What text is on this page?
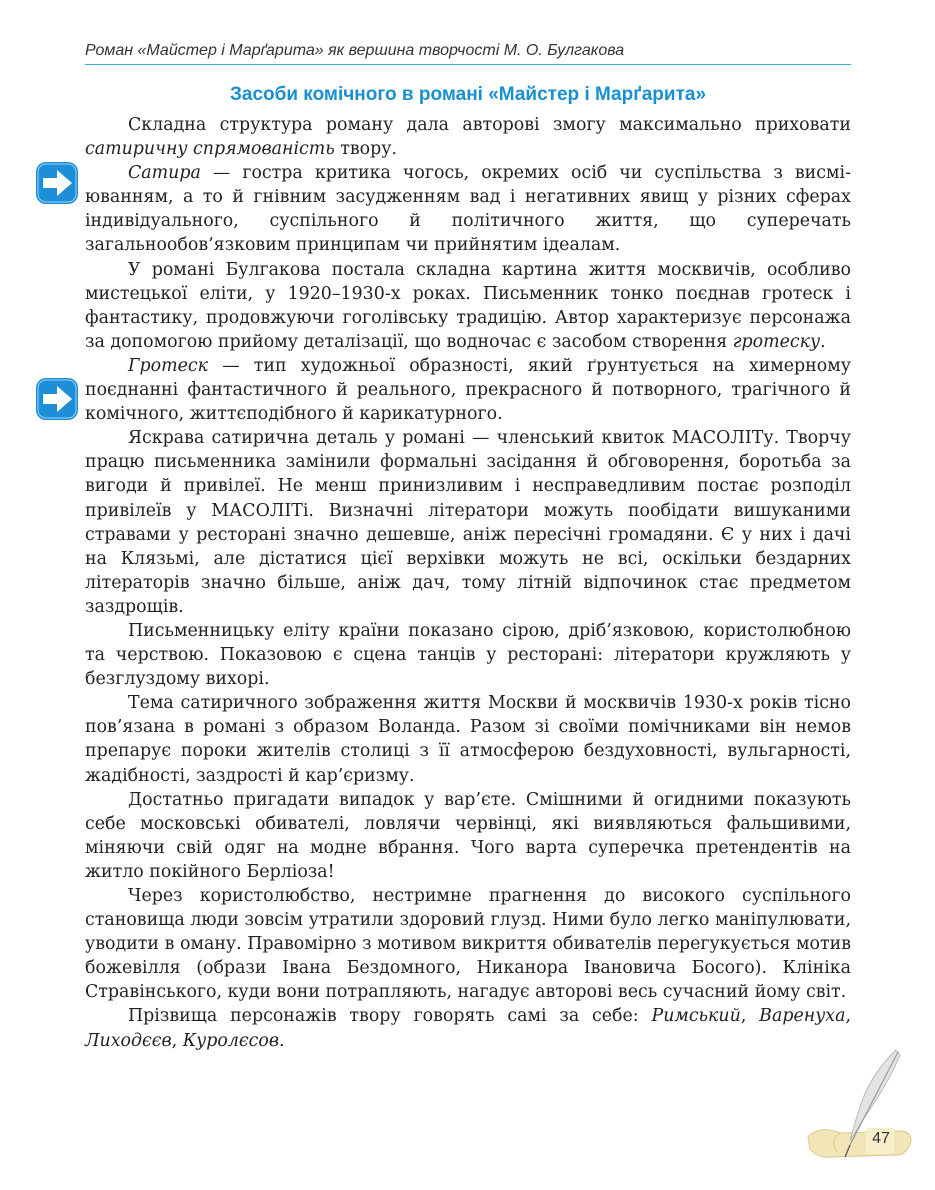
Роман «Майстер і Марґарита» як вершина творчості М. О. Булгакова
Засоби комічного в романі «Майстер і Марґарита»

Складна структура роману дала авторові змогу максимально приховати сатиричну спрямованість твору.

Сатира — гостра критика чогось, окремих осіб чи суспільства з висміюванням, а то й гнівним засудженням вад і негативних явищ у різних сферах індивідуального, суспільного й політичного життя, що суперечать загальнообов’язковим принципам чи прийнятим ідеалам.

У романі Булгакова постала складна картина життя москвичів, особливо мистецької еліти, у 1920–1930-х роках. Письменник тонко поєднав гротеск і фантастику, продовжуючи гоголівську традицію. Автор характеризує персонажа за допомогою прийому деталізації, що водночас є засобом створення гротеску.

Гротеск — тип художньої образності, який ґрунтується на химерному поєднанні фантастичного й реального, прекрасного й потворного, трагічного й комічного, життєподібного й карикатурного.

Яскрава сатирична деталь у романі — членський квиток МАСОЛІТу. Творчу працю письменника замінили формальні засідання й обговорення, боротьба за вигоди й привілеї. Не менш принизливим і несправедливим постає розподіл привілеїв у МАСОЛІТі. Визначні літератори можуть пообідати вишуканими стравами у ресторані значно дешевше, аніж пересічні громадяни. Є у них і дачі на Клязьмі, але дістатися цієї верхівки можуть не всі, оскільки бездарних літераторів значно більше, аніж дач, тому літній відпочинок стає предметом заздрощів.

Письменницьку еліту країни показано сірою, дріб’язковою, користолюбною та черствою. Показовою є сцена танців у ресторані: літератори кружляють у безглуздому вихорі.

Тема сатиричного зображення життя Москви й москвичів 1930-х років тісно пов’язана в романі з образом Воланда. Разом зі своїми помічниками він немов препарує пороки жителів столиці з її атмосферою бездуховності, вульгарності, жадібності, заздрості й кар’єризму.

Достатньо пригадати випадок у вар’єте. Смішними й огидними показують себе московські обивателі, ловлячи червінці, які виявляються фальшивими, міняючи свій одяг на модне вбрання. Чого варта суперечка претендентів на житло покійного Берліоза!

Через користолюбство, нестримне прагнення до високого суспільного становища люди зовсім утратили здоровий глузд. Ними було легко маніпулювати, уводити в оману. Правомірно з мотивом викриття обивателів перегукується мотив божевілля (образи Івана Бездомного, Никанора Івановича Босого). Клініка Стравінського, куди вони потрапляють, нагадує авторові весь сучасний йому світ.

Прізвища персонажів твору говорять самі за себе: Римський, Варенуха, Лиходєєв, Куролєсов.

47
